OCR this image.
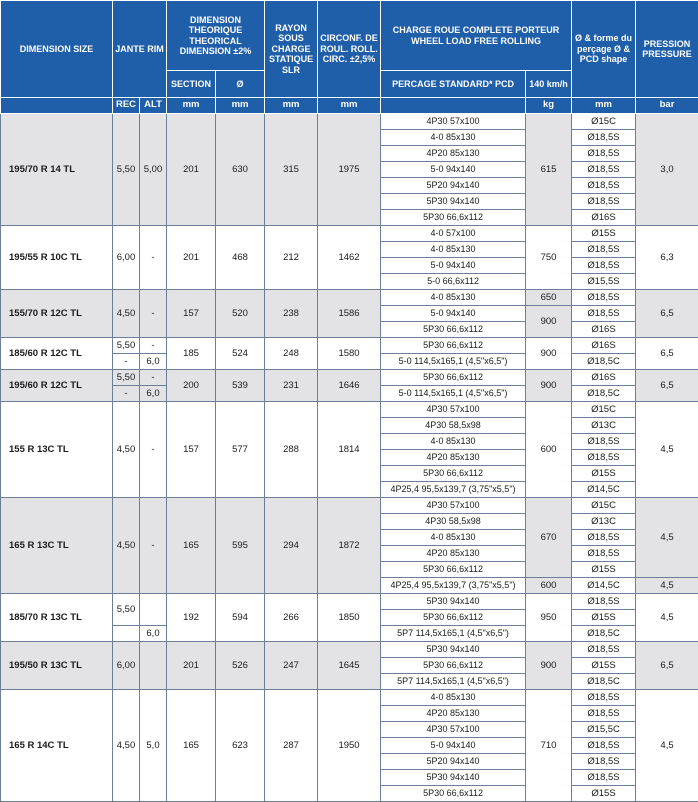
DIMENSION SIZE	JANTE RIM		DIMENSION THEORIQUE THEORICAL DIMENSION ±2%		RAYON SOUS CHARGE STATIQUE SLR	CIRCONF. DE ROUL. ROLL. CIRC. ±2,5%	CHARGE ROUE COMPLETE PORTEUR WHEEL LOAD FREE ROLLING		Ø & forme du perçage Ø & PCD shape	PRESSION PRESSURE
			SECTION	Ø			PERCAGE STANDARD* PCD	140 km/h		
	REC	ALT	mm	mm	mm	mm		kg	mm	bar
195/70 R 14 TL	5,50	5,00	201	630	315	1975	4P30 57x100	615	Ø15C	3,0
							4-0 85x130		Ø18,5S	
							4P20 85x130		Ø18,5S	
							5-0 94x140		Ø18,5S	
							5P20 94x140		Ø18,5S	
							5P30 94x140		Ø18,5S	
							5P30 66,6x112		Ø16S	
195/55 R 10C TL	6,00	-	201	468	212	1462	4-0 57x100	750	Ø15S	6,3
							4-0 85x130		Ø18,5S	
							5-0 94x140		Ø18,5S	
							5-0 66,6x112		Ø15,5S	
155/70 R 12C TL	4,50	-	157	520	238	1586	4-0 85x130	650	Ø18,5S	6,5
							5-0 94x140	900	Ø18,5S	
							5P30 66,6x112		Ø16S	
185/60 R 12C TL	5,50	-	185	524	248	1580	5P30 66,6x112	900	Ø16S	6,5
	-	6,0					5-0 114,5x165,1 (4,5"x6,5")		Ø18,5C	
195/60 R 12C TL	5,50	-	200	539	231	1646	5P30 66,6x112	900	Ø16S	6,5
	-	6,0					5-0 114,5x165,1 (4,5"x6,5")		Ø18,5C	
155 R 13C TL	4,50	-	157	577	288	1814	4P30 57x100	600	Ø15C	4,5
							4P30 58,5x98		Ø13C	
							4-0 85x130		Ø18,5S	
							4P20 85x130		Ø18,5S	
							5P30 66,6x112		Ø15S	
							4P25,4 95,5x139,7 (3,75"x5,5")		Ø14,5C	
165 R 13C TL	4,50	-	165	595	294	1872	4P30 57x100	670	Ø15C	4,5
							4P30 58,5x98		Ø13C	
							4-0 85x130		Ø18,5S	
							4P20 85x130		Ø18,5S	
							5P30 66,6x112		Ø15S	
							4P25,4 95,5x139,7 (3,75"x5,5")	600	Ø14,5C	4,5
185/70 R 13C TL	5,50		192	594	266	1850	5P30 94x140	950	Ø18,5S	4,5
							5P30 66,6x112		Ø15S	
		6,0					5P7 114,5x165,1 (4,5"x6,5")		Ø18,5C	
195/50 R 13C TL	6,00		201	526	247	1645	5P30 94x140	900	Ø18,5S	6,5
							5P30 66,6x112		Ø15S	
							5P7 114,5x165,1 (4,5"x6,5")		Ø18,5C	
165 R 14C TL	4,50	5,0	165	623	287	1950	4-0 85x130	710	Ø18,5S	4,5
							4P20 85x130		Ø18,5S	
							4P30 57x100		Ø15,5C	
							5-0 94x140		Ø18,5S	
							5P20 94x140		Ø18,5S	
							5P30 94x140		Ø18,5S	
							5P30 66,6x112		Ø15S	
